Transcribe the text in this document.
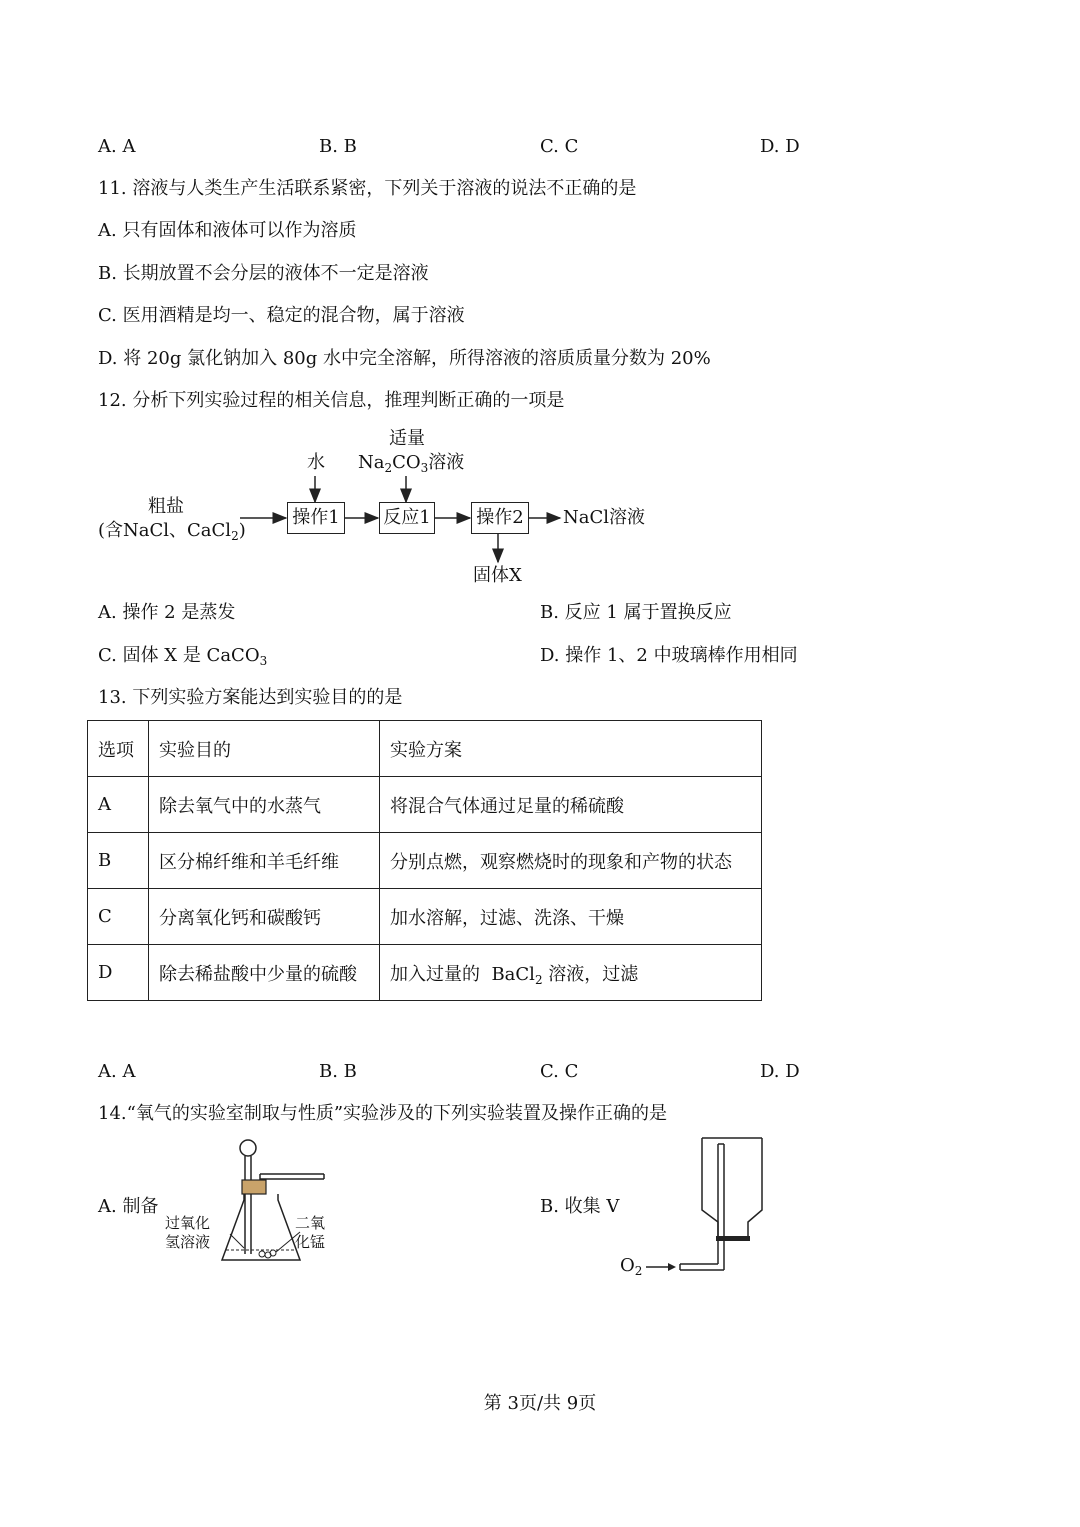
A. A	B. B	C. C	D. D
11. 溶液与人类生产生活联系紧密，下列关于溶液的说法不正确的是
A. 只有固体和液体可以作为溶质
B. 长期放置不会分层的液体不一定是溶液
C. 医用酒精是均一、稳定的混合物，属于溶液
D. 将 20g 氯化钠加入 80g 水中完全溶解，所得溶液的溶质质量分数为 20%
12. 分析下列实验过程的相关信息，推理判断正确的一项是
粗盐
(含NaCl、CaCl$_2$)
水
适量
$Na_2CO_3$溶液
操作1 反应1	操作2 NaCl溶液
固体X
A. 操作 2 是蒸发	B. 反应 1 属于置换反应
C. 固体 X 是 CaCO$_3$	D. 操作 1、2 中玻璃棒作用相同
13. 下列实验方案能达到实验目的的是
选项	实验目的	实验方案
A	除去氧气中的水蒸气	将混合气体通过足量的稀硫酸
B	区分棉纤维和羊毛纤维	分别点燃，观察燃烧时的现象和产物的状态
C	分离氧化钙和碳酸钙	加水溶解，过滤、洗涤、干燥
D	除去稀盐酸中少量的硫酸	加入过量的  BaCl$_2$ 溶液，过滤
A. A	B. B	C. C	D. D
14.“氧气的实验室制取与性质”实验涉及的下列实验装置及操作正确的是
A. 制备
过氧化
氢溶液
二氧
化锰
B. 收集 V
$O_2$
第 3页/共 9页
